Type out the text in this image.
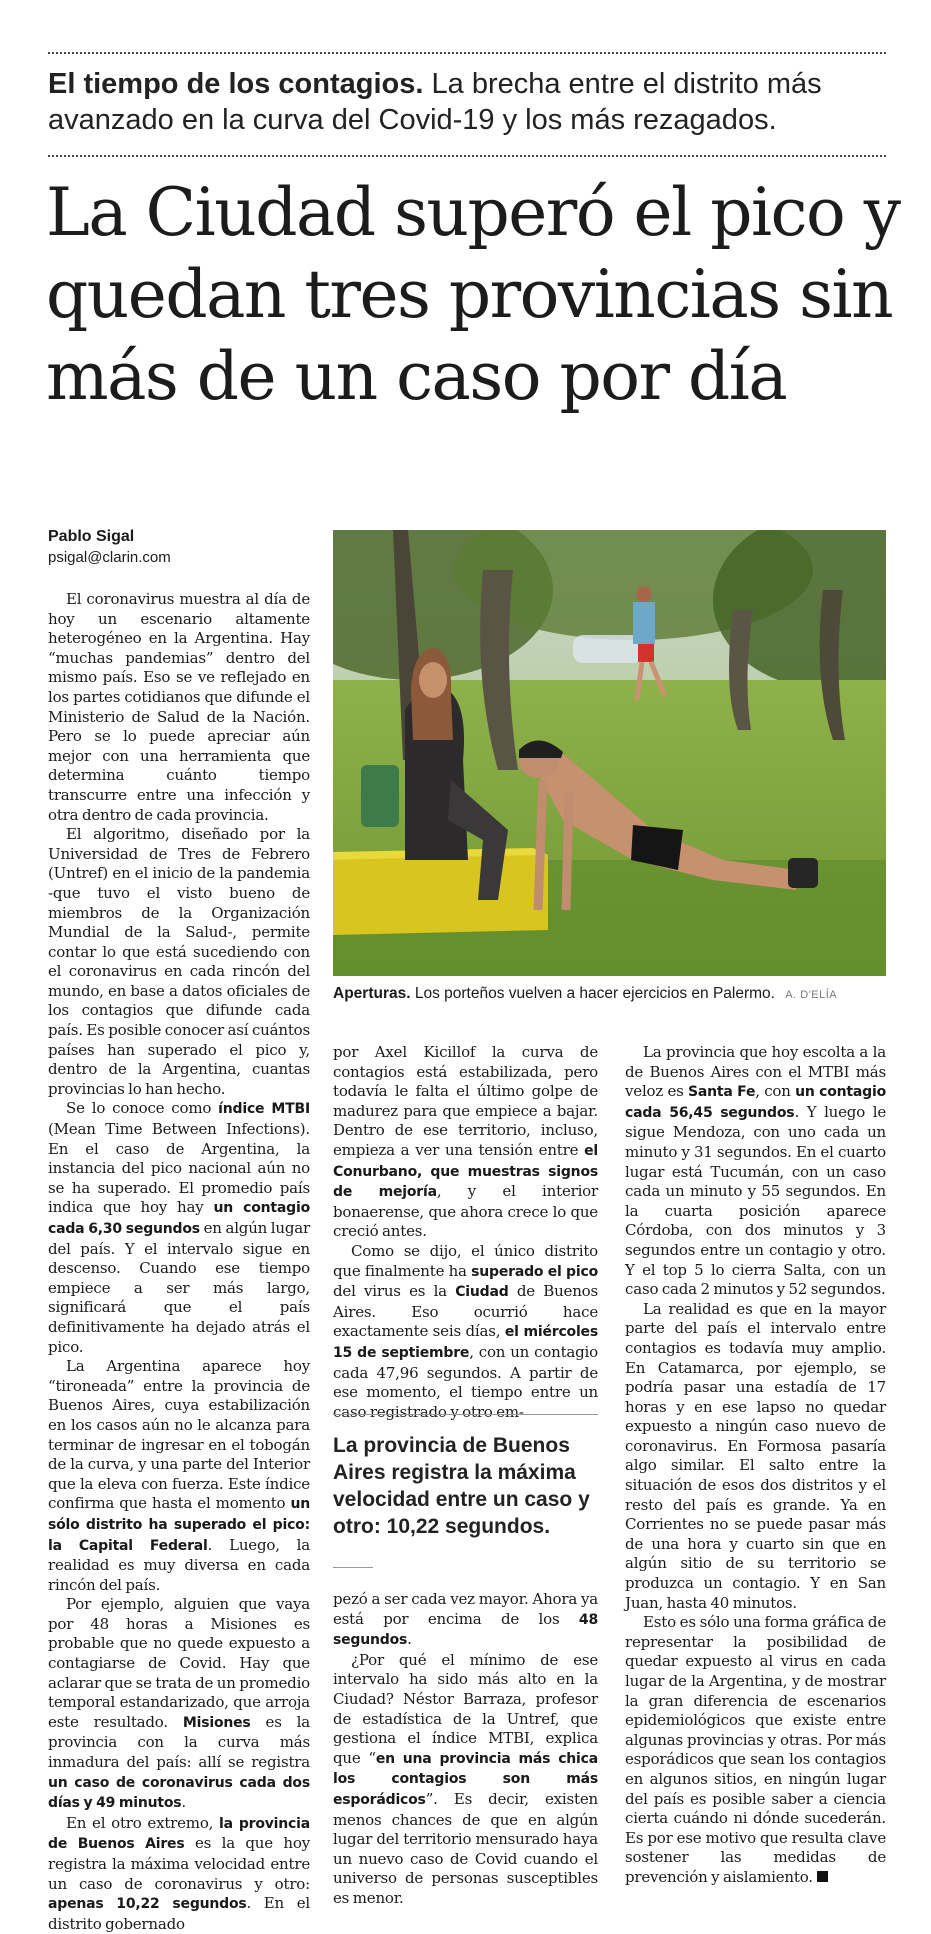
El tiempo de los contagios. La brecha entre el distrito más avanzado en la curva del Covid-19 y los más rezagados.
La Ciudad superó el pico y quedan tres provincias sin más de un caso por día
Pablo Sigal
psigal@clarin.com
Aperturas. Los porteños vuelven a hacer ejercicios en Palermo. A. D'ELÍA

El coronavirus muestra al día de hoy un escenario altamente heterogéneo en la Argentina. Hay “muchas pandemias” dentro del mismo país. Eso se ve reflejado en los partes cotidianos que difunde el Ministerio de Salud de la Nación. Pero se lo puede apreciar aún mejor con una herramienta que determina cuánto tiempo transcurre entre una infección y otra dentro de cada provincia.

El algoritmo, diseñado por la Universidad de Tres de Febrero (Untref) en el inicio de la pandemia -que tuvo el visto bueno de miembros de la Organización Mundial de la Salud-, permite contar lo que está sucediendo con el coronavirus en cada rincón del mundo, en base a datos oficiales de los contagios que difunde cada país. Es posible conocer así cuántos países han superado el pico y, dentro de la Argentina, cuantas provincias lo han hecho.

Se lo conoce como índice MTBI (Mean Time Between Infections). En el caso de Argentina, la instancia del pico nacional aún no se ha superado. El promedio país indica que hoy hay un contagio cada 6,30 segundos en algún lugar del país. Y el intervalo sigue en descenso. Cuando ese tiempo empiece a ser más largo, significará que el país definitivamente ha dejado atrás el pico.

La Argentina aparece hoy “tironeada” entre la provincia de Buenos Aires, cuya estabilización en los casos aún no le alcanza para terminar de ingresar en el tobogán de la curva, y una parte del Interior que la eleva con fuerza. Este índice confirma que hasta el momento un sólo distrito ha superado el pico: la Capital Federal. Luego, la realidad es muy diversa en cada rincón del país.

Por ejemplo, alguien que vaya por 48 horas a Misiones es probable que no quede expuesto a contagiarse de Covid. Hay que aclarar que se trata de un promedio temporal estandarizado, que arroja este resultado. Misiones es la provincia con la curva más inmadura del país: allí se registra un caso de coronavirus cada dos días y 49 minutos.

En el otro extremo, la provincia de Buenos Aires es la que hoy registra la máxima velocidad entre un caso de coronavirus y otro: apenas 10,22 segundos. En el distrito gobernado

por Axel Kicillof la curva de contagios está estabilizada, pero todavía le falta el último golpe de madurez para que empiece a bajar. Dentro de ese territorio, incluso, empieza a ver una tensión entre el Conurbano, que muestras signos de mejoría, y el interior bonaerense, que ahora crece lo que creció antes.

Como se dijo, el único distrito que finalmente ha superado el pico del virus es la Ciudad de Buenos Aires. Eso ocurrió hace exactamente seis días, el miércoles 15 de septiembre, con un contagio cada 47,96 segundos. A partir de ese momento, el tiempo entre un caso registrado y otro em-

La provincia de Buenos Aires registra la máxima velocidad entre un caso y otro: 10,22 segundos.

pezó a ser cada vez mayor. Ahora ya está por encima de los 48 segundos.

¿Por qué el mínimo de ese intervalo ha sido más alto en la Ciudad? Néstor Barraza, profesor de estadística de la Untref, que gestiona el índice MTBI, explica que “en una provincia más chica los contagios son más esporádicos”. Es decir, existen menos chances de que en algún lugar del territorio mensurado haya un nuevo caso de Covid cuando el universo de personas susceptibles es menor.

La provincia que hoy escolta a la de Buenos Aires con el MTBI más veloz es Santa Fe, con un contagio cada 56,45 segundos. Y luego le sigue Mendoza, con uno cada un minuto y 31 segundos. En el cuarto lugar está Tucumán, con un caso cada un minuto y 55 segundos. En la cuarta posición aparece Córdoba, con dos minutos y 3 segundos entre un contagio y otro. Y el top 5 lo cierra Salta, con un caso cada 2 minutos y 52 segundos.

La realidad es que en la mayor parte del país el intervalo entre contagios es todavía muy amplio. En Catamarca, por ejemplo, se podría pasar una estadía de 17 horas y en ese lapso no quedar expuesto a ningún caso nuevo de coronavirus. En Formosa pasaría algo similar. El salto entre la situación de esos dos distritos y el resto del país es grande. Ya en Corrientes no se puede pasar más de una hora y cuarto sin que en algún sitio de su territorio se produzca un contagio. Y en San Juan, hasta 40 minutos.

Esto es sólo una forma gráfica de representar la posibilidad de quedar expuesto al virus en cada lugar de la Argentina, y de mostrar la gran diferencia de escenarios epidemiológicos que existe entre algunas provincias y otras. Por más esporádicos que sean los contagios en algunos sitios, en ningún lugar del país es posible saber a ciencia cierta cuándo ni dónde sucederán. Es por ese motivo que resulta clave sostener las medidas de prevención y aislamiento.
